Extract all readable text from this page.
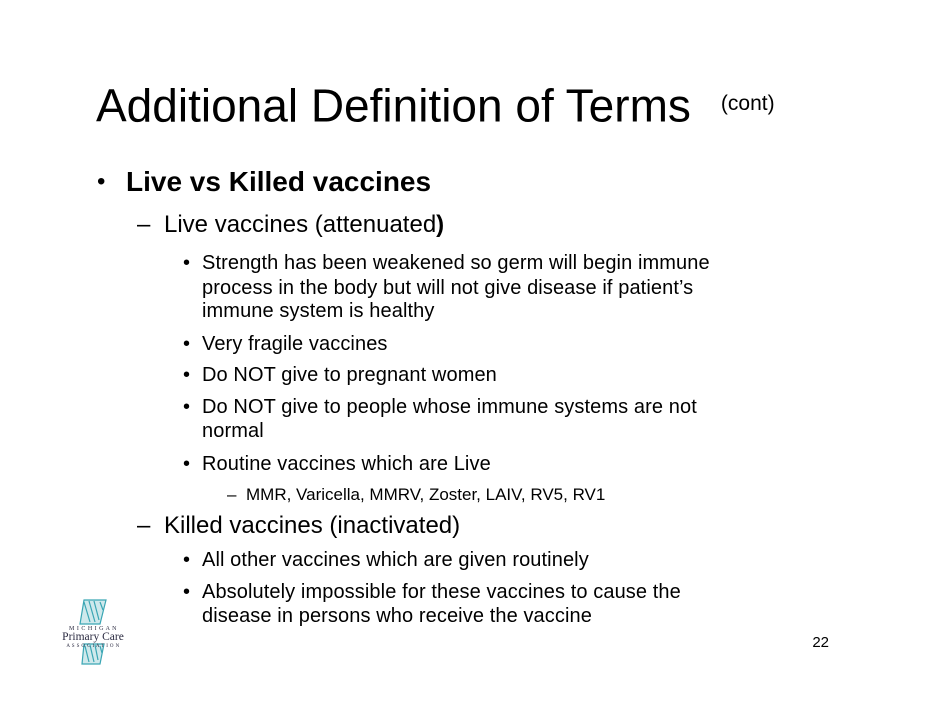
Additional Definition of Terms $^{(cont)}$
• Live vs Killed vaccines
– Live vaccines (attenuated)
• Strength has been weakened so germ will begin immune
process in the body but will not give disease if patient’s
immune system is healthy
• Very fragile vaccines
• Do NOT give to pregnant women
• Do NOT give to people whose immune systems are not
normal
• Routine vaccines which are Live
– MMR, Varicella, MMRV, Zoster, LAIV, RV5, RV1
– Killed vaccines (inactivated)
• All other vaccines which are given routinely
• Absolutely impossible for these vaccines to cause the
disease in persons who receive the vaccine
M I C H I G A N
Primary Care
A S S O C I A T I O N	22
